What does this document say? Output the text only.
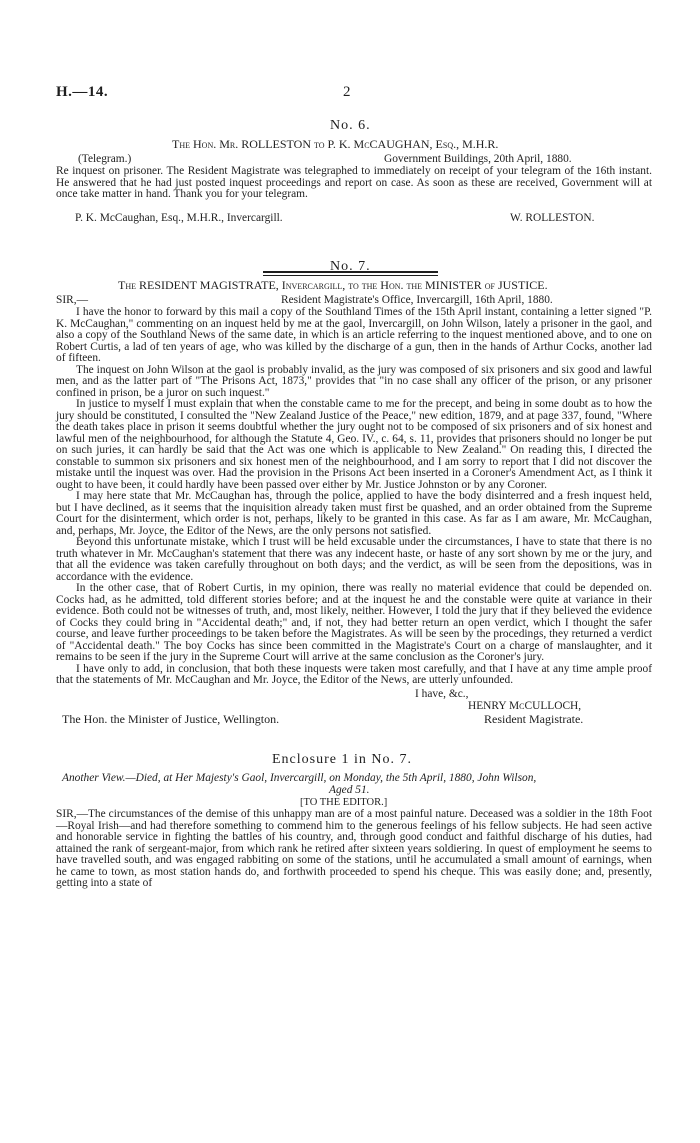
H.—14.	2
No. 6.
The Hon. Mr. ROLLESTON to P. K. McCAUGHAN, Esq., M.H.R.
(Telegram.)	Government Buildings, 20th April, 1880.

Re inquest on prisoner. The Resident Magistrate was telegraphed to immediately on receipt of your telegram of the 16th instant. He answered that he had just posted inquest proceedings and report on case. As soon as these are received, Government will at once take matter in hand. Thank you for your telegram.

P. K. McCaughan, Esq., M.H.R., Invercargill.	W. ROLLESTON.
No. 7.
The RESIDENT MAGISTRATE, Invercargill, to the Hon. the MINISTER of JUSTICE.
SIR,—	Resident Magistrate's Office, Invercargill, 16th April, 1880.

I have the honor to forward by this mail a copy of the Southland Times of the 15th April instant, containing a letter signed "P. K. McCaughan," commenting on an inquest held by me at the gaol, Invercargill, on John Wilson, lately a prisoner in the gaol, and also a copy of the Southland News of the same date, in which is an article referring to the inquest mentioned above, and to one on Robert Curtis, a lad of ten years of age, who was killed by the discharge of a gun, then in the hands of Arthur Cocks, another lad of fifteen.

The inquest on John Wilson at the gaol is probably invalid, as the jury was composed of six prisoners and six good and lawful men, and as the latter part of "The Prisons Act, 1873," provides that "in no case shall any officer of the prison, or any prisoner confined in prison, be a juror on such inquest."

In justice to myself I must explain that when the constable came to me for the precept, and being in some doubt as to how the jury should be constituted, I consulted the "New Zealand Justice of the Peace," new edition, 1879, and at page 337, found, "Where the death takes place in prison it seems doubtful whether the jury ought not to be composed of six prisoners and of six honest and lawful men of the neighbourhood, for although the Statute 4, Geo. IV., c. 64, s. 11, provides that prisoners should no longer be put on such juries, it can hardly be said that the Act was one which is applicable to New Zealand." On reading this, I directed the constable to summon six prisoners and six honest men of the neighbourhood, and I am sorry to report that I did not discover the mistake until the inquest was over. Had the provision in the Prisons Act been inserted in a Coroner's Amendment Act, as I think it ought to have been, it could hardly have been passed over either by Mr. Justice Johnston or by any Coroner.

I may here state that Mr. McCaughan has, through the police, applied to have the body disinterred and a fresh inquest held, but I have declined, as it seems that the inquisition already taken must first be quashed, and an order obtained from the Supreme Court for the disinterment, which order is not, perhaps, likely to be granted in this case. As far as I am aware, Mr. McCaughan, and, perhaps, Mr. Joyce, the Editor of the News, are the only persons not satisfied.

Beyond this unfortunate mistake, which I trust will be held excusable under the circumstances, I have to state that there is no truth whatever in Mr. McCaughan's statement that there was any indecent haste, or haste of any sort shown by me or the jury, and that all the evidence was taken carefully throughout on both days; and the verdict, as will be seen from the depositions, was in accordance with the evidence.

In the other case, that of Robert Curtis, in my opinion, there was really no material evidence that could be depended on. Cocks had, as he admitted, told different stories before; and at the inquest he and the constable were quite at variance in their evidence. Both could not be witnesses of truth, and, most likely, neither. However, I told the jury that if they believed the evidence of Cocks they could bring in "Accidental death;" and, if not, they had better return an open verdict, which I thought the safer course, and leave further proceedings to be taken before the Magistrates. As will be seen by the procedings, they returned a verdict of "Accidental death." The boy Cocks has since been committed in the Magistrate's Court on a charge of manslaughter, and it remains to be seen if the jury in the Supreme Court will arrive at the same conclusion as the Coroner's jury.

I have only to add, in conclusion, that both these inquests were taken most carefully, and that I have at any time ample proof that the statements of Mr. McCaughan and Mr. Joyce, the Editor of the News, are utterly unfounded.

I have, &c.,
HENRY McCULLOCH,
The Hon. the Minister of Justice, Wellington.	Resident Magistrate.
Enclosure 1 in No. 7.
Another View.—Died, at Her Majesty's Gaol, Invercargill, on Monday, the 5th April, 1880, John Wilson,
Aged 51.
[TO THE EDITOR.]

SIR,—The circumstances of the demise of this unhappy man are of a most painful nature. Deceased was a soldier in the 18th Foot—Royal Irish—and had therefore something to commend him to the generous feelings of his fellow subjects. He had seen active and honorable service in fighting the battles of his country, and, through good conduct and faithful discharge of his duties, had attained the rank of sergeant-major, from which rank he retired after sixteen years soldiering. In quest of employment he seems to have travelled south, and was engaged rabbiting on some of the stations, until he accumulated a small amount of earnings, when he came to town, as most station hands do, and forthwith proceeded to spend his cheque. This was easily done; and, presently, getting into a state of
